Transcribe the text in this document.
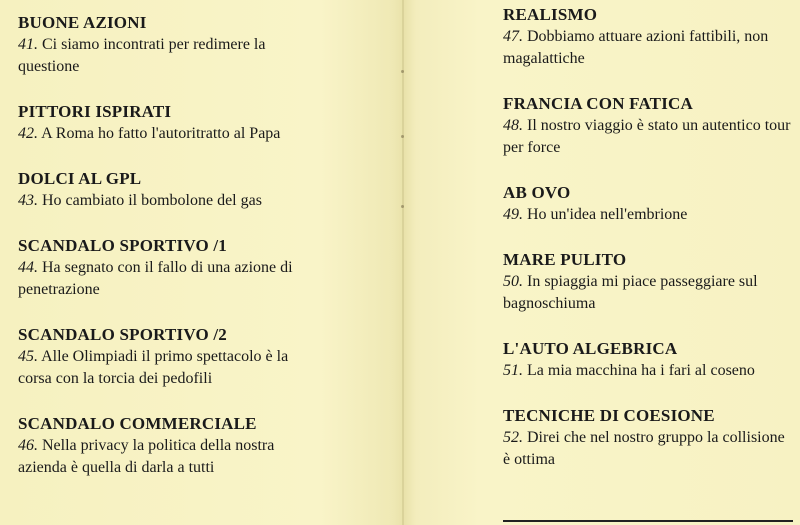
BUONE AZIONI

41. Ci siamo incontrati per redimere la questione

PITTORI ISPIRATI

42. A Roma ho fatto l'autoritratto al Papa

DOLCI AL GPL

43. Ho cambiato il bombolone del gas

SCANDALO SPORTIVO /1

44. Ha segnato con il fallo di una azione di penetrazione

SCANDALO SPORTIVO /2

45. Alle Olimpiadi il primo spettacolo è la corsa con la torcia dei pedofili

SCANDALO COMMERCIALE

46. Nella privacy la politica della nostra azienda è quella di darla a tutti

REALISMO

47. Dobbiamo attuare azioni fattibili, non magalattiche

FRANCIA CON FATICA

48. Il nostro viaggio è stato un autentico tour per force

AB OVO

49. Ho un'idea nell'embrione

MARE PULITO

50. In spiaggia mi piace passeggiare sul bagnoschiuma

L'AUTO ALGEBRICA

51. La mia macchina ha i fari al coseno

TECNICHE DI COESIONE

52. Direi che nel nostro gruppo la collisione è ottima
